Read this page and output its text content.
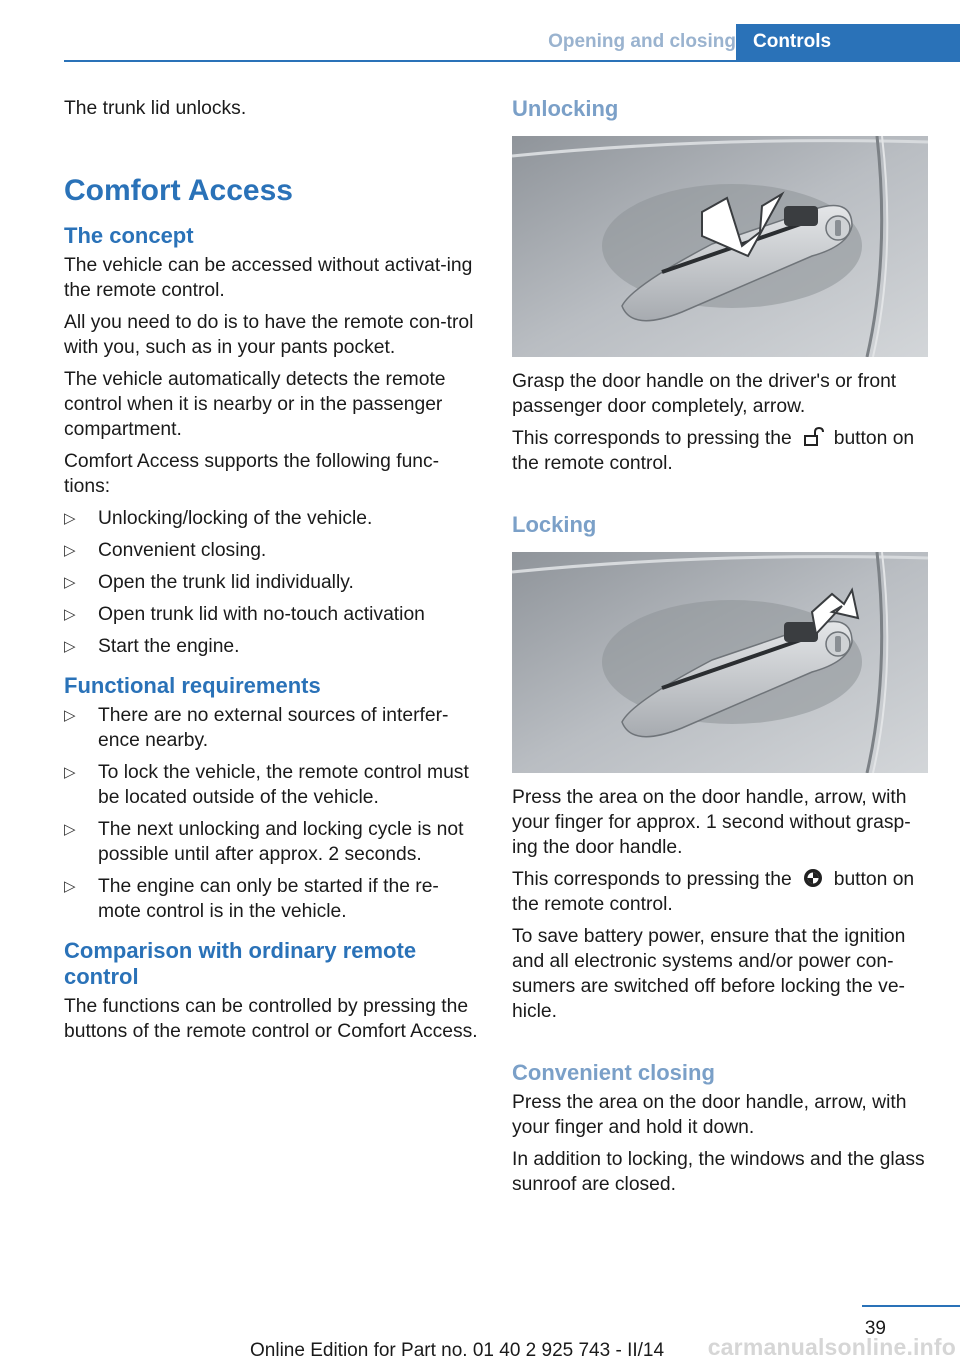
Opening and closing Controls

The trunk lid unlocks.

Comfort Access
The concept

The vehicle can be accessed without activat‐ing the remote control.

All you need to do is to have the remote con‐trol with you, such as in your pants pocket.

The vehicle automatically detects the remote control when it is nearby or in the passenger compartment.

Comfort Access supports the following func‐tions:

▷ Unlocking/locking of the vehicle.
▷ Convenient closing.
▷ Open the trunk lid individually.
▷ Open trunk lid with no-touch activation
▷ Start the engine.
Functional requirements
▷ There are no external sources of interfer‐ence nearby.
▷ To lock the vehicle, the remote control must be located outside of the vehicle.
▷ The next unlocking and locking cycle is not possible until after approx. 2 seconds.
▷ The engine can only be started if the re‐mote control is in the vehicle.
Comparison with ordinary remote control

The functions can be controlled by pressing the buttons of the remote control or Comfort Access.

Unlocking

Grasp the door handle on the driver's or front passenger door completely, arrow.

This corresponds to pressing the button on the remote control.

Locking

Press the area on the door handle, arrow, with your finger for approx. 1 second without grasp‐ing the door handle.

This corresponds to pressing the button on the remote control.

To save battery power, ensure that the ignition and all electronic systems and/or power con‐sumers are switched off before locking the ve‐hicle.

Convenient closing

Press the area on the door handle, arrow, with your finger and hold it down.

In addition to locking, the windows and the glass sunroof are closed.

39
carmanualsonline.info
Online Edition for Part no. 01 40 2 925 743 - II/14
